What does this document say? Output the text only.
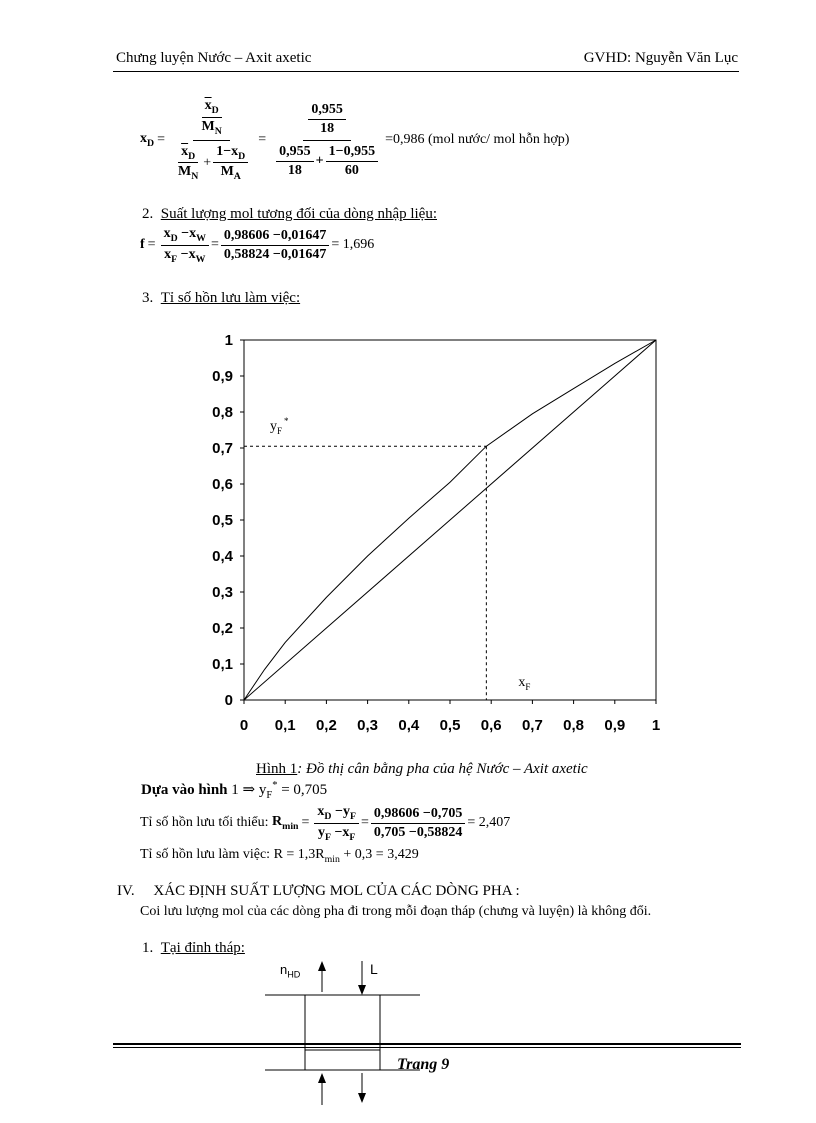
Chưng luyện Nước – Axit axetic	GVHD: Nguyễn Văn Lục
$x_D = \frac{\frac{\overline{x}_D}{M_N}}{\frac{\overline{x}_D}{M_N} + \frac{1-x_D}{M_A}} = \frac{\frac{0,955}{18}}{\frac{0,955}{18} + \frac{1-0,955}{60}} =0,986$ (mol nước/ mol hỗn hợp)
2. Suất lượng mol tương đối của dòng nhập liệu:
$f = \frac{x_D -x_W}{x_F -x_W} = \frac{0,98606 -0,01647}{0,58824 -0,01647} = 1,696$
3. Tỉ số hồn lưu làm việc:
0 0,1 0,2 0,3 0,4 0,5 0,6 0,7 0,8 0,9 1
0
0,1
0,2
0,3
0,4
0,5
0,6
0,7
0,8
0,9
1
y F
*
x F
Hình 1: Đồ thị cân bằng pha của hệ Nước – Axit axetic
Dựa vào hình 1 ⇒ $y_F^* = 0,705$
Tỉ số hồn lưu tối thiểu:
$R_{min} = \frac{x_D -y_F}{y_F -x_F} = \frac{0,98606 -0,705}{0,705 -0,58824} = 2,407$
Tỉ số hồn lưu làm việc: $R = 1,3R_{min} + 0,3 = 3,429$
IV. XÁC ĐỊNH SUẤT LƯỢNG MOL CỦA CÁC DÒNG PHA :
Coi lưu lượng mol của các dòng pha đi trong mỗi đoạn tháp (chưng và luyện) là không đổi.
1. Tại đỉnh tháp:
$n_{HD}$	L
Trang 9
